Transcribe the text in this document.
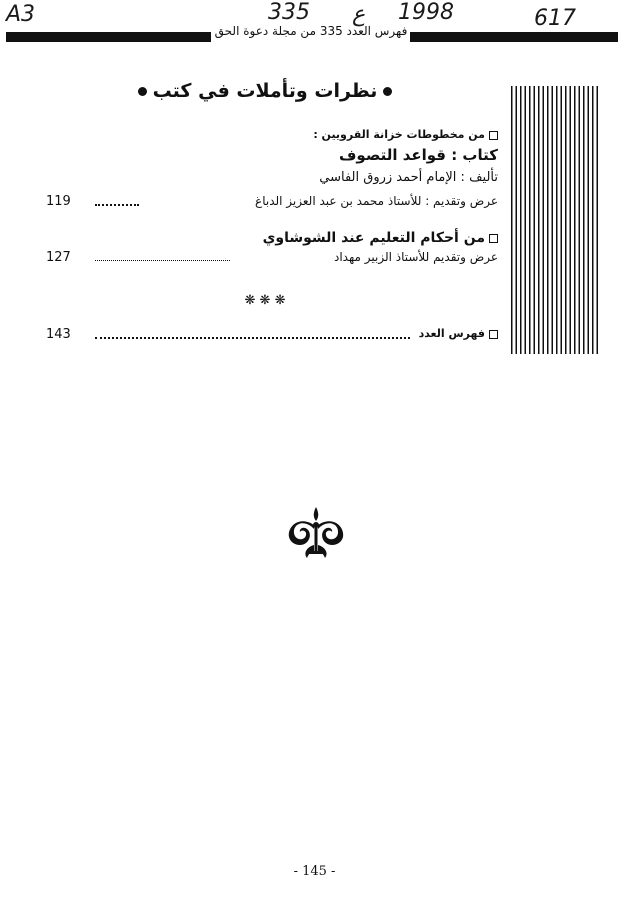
A3	335 ع 1998	617
فهرس العدد 335 من مجلة دعوة الحق
نظرات وتأملات في كتب
من مخطوطات خزانة القرويين :
كتاب : قواعد التصوف
تأليف : الإمام أحمد زروق الفاسي
عرض وتقديم : للأستاذ محمد بن عبد العزيز الدباغ
119
من أحكام التعليم عند الشوشاوي
عرض وتقديم للأستاذ الزبير مهداد
127
❋ ❋ ❋
فهرس العدد
143
- 145 -
